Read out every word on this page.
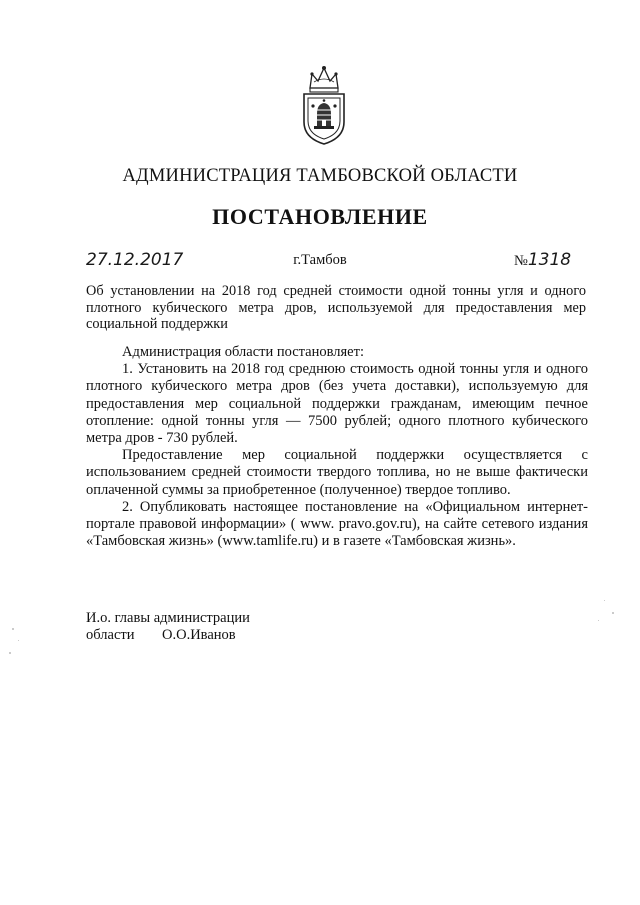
АДМИНИСТРАЦИЯ ТАМБОВСКОЙ ОБЛАСТИ
ПОСТАНОВЛЕНИЕ
27.12.2017	г.Тамбов	№1318
Об установлении на 2018 год средней стоимости одной тонны угля и одного плотного кубического метра дров, используемой для предоставления мер социальной поддержки

Администрация области постановляет:

1. Установить на 2018 год среднюю стоимость одной тонны угля и одного плотного кубического метра дров (без учета доставки), используемую для предоставления мер социальной поддержки гражданам, имеющим печное отопление: одной тонны угля — 7500 рублей; одного плотного кубического метра дров - 730 рублей.

Предоставление мер социальной поддержки осуществляется с использованием средней стоимости твердого топлива, но не выше фактически оплаченной суммы за приобретенное (полученное) твердое топливо.

2. Опубликовать настоящее постановление на «Официальном интернет-портале правовой информации» ( www. pravo.gov.ru), на сайте сетевого издания «Тамбовская жизнь» (www.tamlife.ru) и в газете «Тамбовская жизнь».

И.о. главы администрации
области О.О.Иванов
